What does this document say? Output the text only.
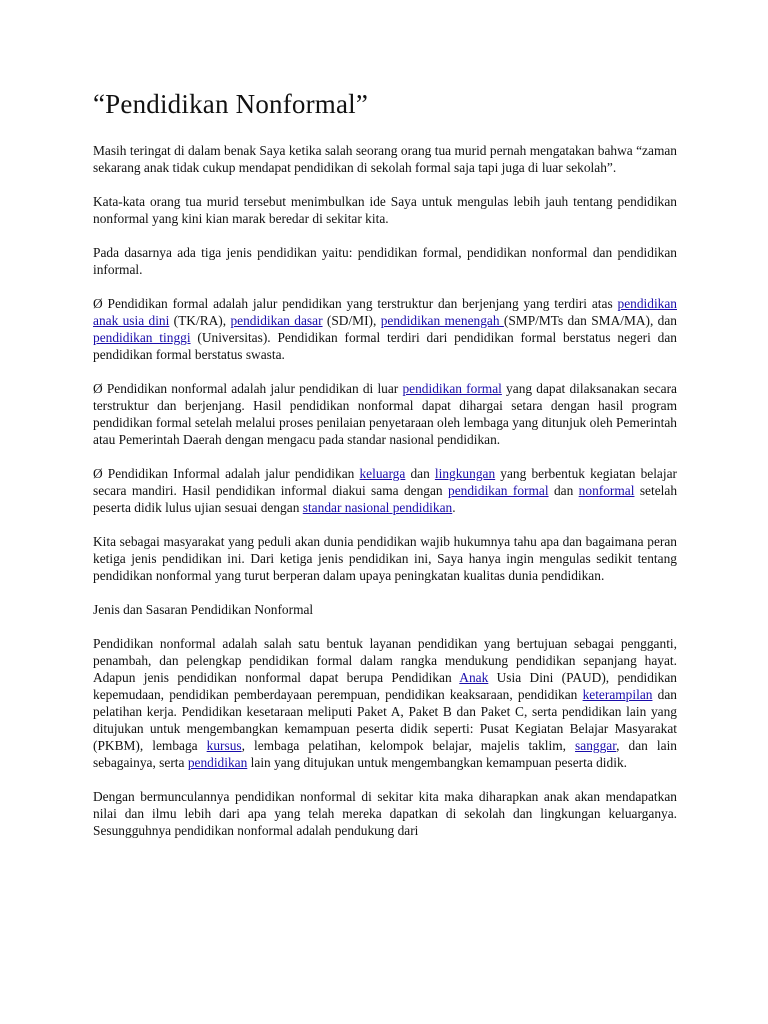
“Pendidikan Nonformal”

Masih teringat di dalam benak Saya ketika salah seorang orang tua murid pernah mengatakan bahwa “zaman sekarang anak tidak cukup mendapat pendidikan di sekolah formal saja tapi juga di luar sekolah”.

Kata-kata orang tua murid tersebut menimbulkan ide Saya untuk mengulas lebih jauh tentang pendidikan nonformal yang kini kian marak beredar di sekitar kita.

Pada dasarnya ada tiga jenis pendidikan yaitu: pendidikan formal, pendidikan nonformal dan pendidikan informal.

Ø Pendidikan formal adalah jalur pendidikan yang terstruktur dan berjenjang yang terdiri atas pendidikan anak usia dini (TK/RA), pendidikan dasar (SD/MI), pendidikan menengah (SMP/MTs dan SMA/MA), dan pendidikan tinggi (Universitas). Pendidikan formal terdiri dari pendidikan formal berstatus negeri dan pendidikan formal berstatus swasta.

Ø Pendidikan nonformal adalah jalur pendidikan di luar pendidikan formal yang dapat dilaksanakan secara terstruktur dan berjenjang. Hasil pendidikan nonformal dapat dihargai setara dengan hasil program pendidikan formal setelah melalui proses penilaian penyetaraan oleh lembaga yang ditunjuk oleh Pemerintah atau Pemerintah Daerah dengan mengacu pada standar nasional pendidikan.

Ø Pendidikan Informal adalah jalur pendidikan keluarga dan lingkungan yang berbentuk kegiatan belajar secara mandiri. Hasil pendidikan informal diakui sama dengan pendidikan formal dan nonformal setelah peserta didik lulus ujian sesuai dengan standar nasional pendidikan.

Kita sebagai masyarakat yang peduli akan dunia pendidikan wajib hukumnya tahu apa dan bagaimana peran ketiga jenis pendidikan ini. Dari ketiga jenis pendidikan ini, Saya hanya ingin mengulas sedikit tentang pendidikan nonformal yang turut berperan dalam upaya peningkatan kualitas dunia pendidikan.

Jenis dan Sasaran Pendidikan Nonformal

Pendidikan nonformal adalah salah satu bentuk layanan pendidikan yang bertujuan sebagai pengganti, penambah, dan pelengkap pendidikan formal dalam rangka mendukung pendidikan sepanjang hayat. Adapun jenis pendidikan nonformal dapat berupa Pendidikan Anak Usia Dini (PAUD), pendidikan kepemudaan, pendidikan pemberdayaan perempuan, pendidikan keaksaraan, pendidikan keterampilan dan pelatihan kerja. Pendidikan kesetaraan meliputi Paket A, Paket B dan Paket C, serta pendidikan lain yang ditujukan untuk mengembangkan kemampuan peserta didik seperti: Pusat Kegiatan Belajar Masyarakat (PKBM), lembaga kursus, lembaga pelatihan, kelompok belajar, majelis taklim, sanggar, dan lain sebagainya, serta pendidikan lain yang ditujukan untuk mengembangkan kemampuan peserta didik.

Dengan bermunculannya pendidikan nonformal di sekitar kita maka diharapkan anak akan mendapatkan nilai dan ilmu lebih dari apa yang telah mereka dapatkan di sekolah dan lingkungan keluarganya. Sesungguhnya pendidikan nonformal adalah pendukung dari
